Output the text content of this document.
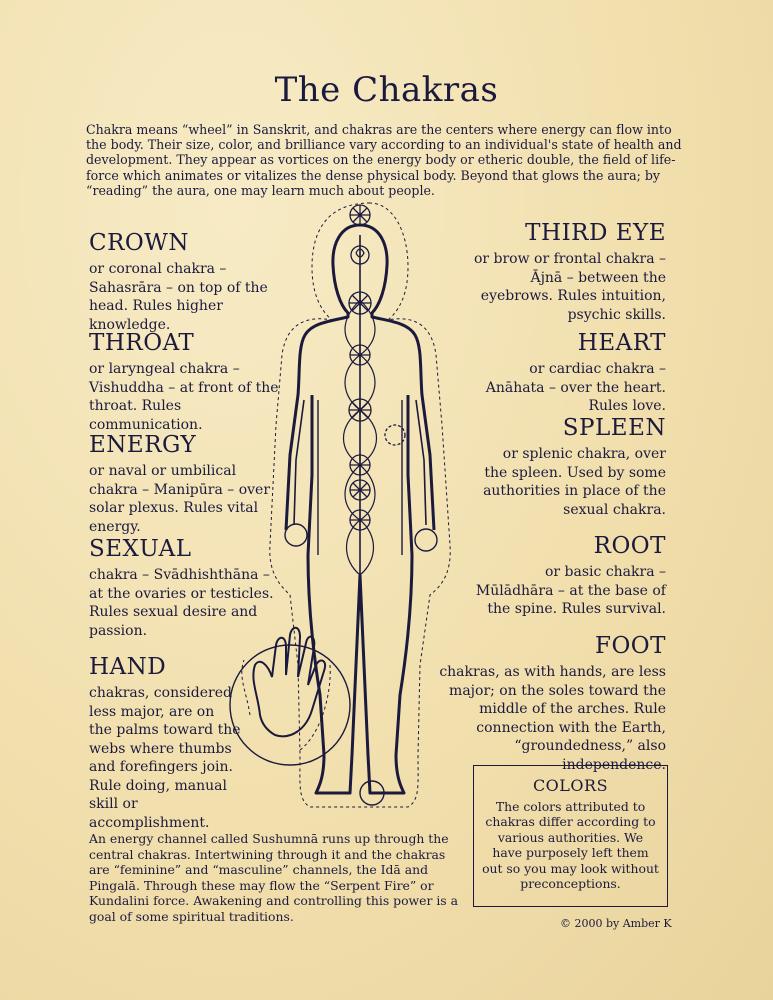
The Chakras
Chakra means “wheel” in Sanskrit, and chakras are the centers where energy can flow into the body. Their size, color, and brilliance vary according to an individual's state of health and development. They appear as vortices on the energy body or etheric double, the field of life-force which animates or vitalizes the dense physical body. Beyond that glows the aura; by “reading” the aura, one may learn much about people.
CROWN
or coronal chakra – Sahasrāra – on top of the head. Rules higher knowledge.
THROAT
or laryngeal chakra – Vishuddha – at front of the throat. Rules communication.
ENERGY
or naval or umbilical chakra – Manipūra – over solar plexus. Rules vital energy.
SEXUAL
chakra – Svādhishthāna – at the ovaries or testicles. Rules sexual desire and passion.
HAND
chakras, considered less major, are on the palms toward the webs where thumbs and forefingers join. Rule doing, manual skill or accomplishment.
THIRD EYE
or brow or frontal chakra – Ājnā – between the eyebrows. Rules intuition, psychic skills.
HEART
or cardiac chakra – Anāhata – over the heart. Rules love.
SPLEEN
or splenic chakra, over the spleen. Used by some authorities in place of the sexual chakra.
ROOT
or basic chakra – Mūlādhāra – at the base of the spine. Rules survival.
FOOT
chakras, as with hands, are less major; on the soles toward the middle of the arches. Rule connection with the Earth, “groundedness,” also independence.
COLORS
The colors attributed to chakras differ according to various authorities. We have purposely left them out so you may look without preconceptions.
An energy channel called Sushumnā runs up through the central chakras. Intertwining through it and the chakras are “feminine” and “masculine” channels, the Idā and Pingalā. Through these may flow the “Serpent Fire” or Kundalini force. Awakening and controlling this power is a goal of some spiritual traditions.	© 2000 by Amber K
